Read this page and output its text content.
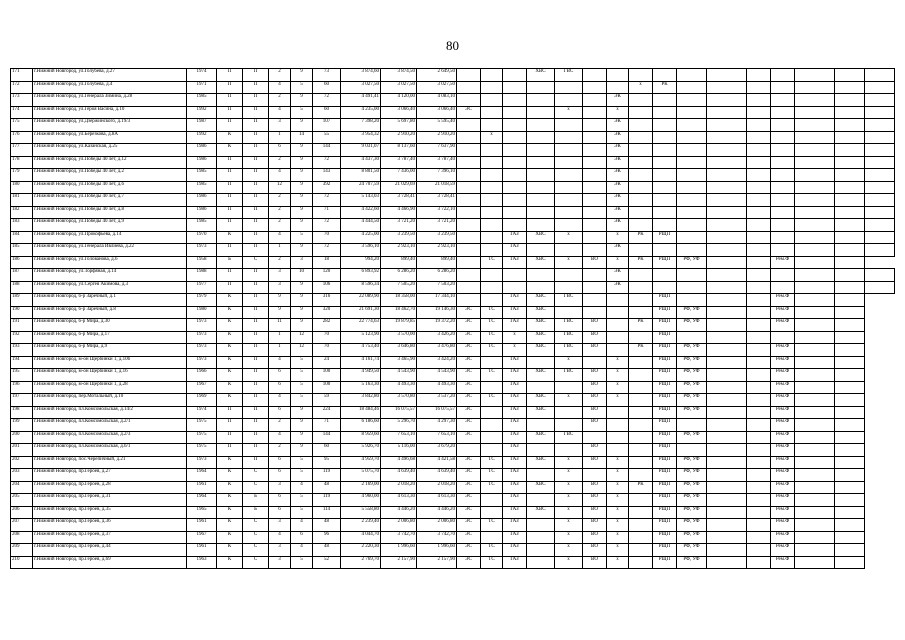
80
171	г.Нижний Новгород, ул.Голубева, д.27	1974	П	П	2	9	73	3 874,60	3 874,50	2 649,50				ХВС	ГВС											
172	г.Нижний Новгород, ул.Голубева, д.4	1971	П	П	4	5	60	3 027,50	3 027,50	3 027,50								х	РК							
173	г.Нижний Новгород, ул.Генерала Зимина, д.28	1985	П	П	2	9	72	4 491,41	4 120,00	4 083,10							ЭК									
174	г.Нижний Новгород, ул.Героя Васина, д.10	1992	П	П	4	5	60	4 235,00	3 066,40	3 066,40	ЭС				х		х									
175	г.Нижний Новгород, ул.Дзержинского, д.19/3	1987	П	П	3	9	107	7 398,20	5 697,80	5 595,40							ЭК									
176	г.Нижний Новгород, ул.Березкова, д.8А	1992	К	П	1	14	55	3 954,32	2 910,20	2 910,20		х					ЭК									
177	г.Нижний Новгород, ул.Казанская, д.25	1986	К	П	6	9	144	9 031,07	8 137,60	7 637,90							ЭК									
178	г.Нижний Новгород, ул.Победы 40 лет, д.12	1986	П	П	2	9	72	4 437,30	3 787,40	3 787,40							ЭК									
179	г.Нижний Новгород, ул.Победы 40 лет, д.2	1985	П	П	4	9	143	8 801,50	7 436,00	7 396,10							ЭК									
180	г.Нижний Новгород, ул.Победы 40 лет, д.6	1985	П	П	12	9	392	24 707,59	21 029,69	21 018,59							ЭК									
181	г.Нижний Новгород, ул.Победы 40 лет, д.7	1986	П	П	2	9	72	5 143,03	3 728,41	3 728,41							ЭК									
182	г.Нижний Новгород, ул.Победы 40 лет, д.8	1986	П	П	2	9	71	4 422,60	4 466,90	3 722,10							ЭК									
183	г.Нижний Новгород, ул.Победы 40 лет, д.9	1985	П	П	2	9	72	4 444,50	3 721,20	3 721,20							ЭК									
184	г.Нижний Новгород, ул.Прокофьева, д.14	1970	К	П	4	5	70	4 225,00	3 239,50	3 239,50			ГАЗ	ХВС	х		х	РК	РЩП							
185	г.Нижний Новгород, ул.Генерала Ивлиева, д.22	1973	П	П	1	9	72	3 596,10	2 923,10	2 923,10			ГАЗ				ЭК									
186	г.Нижний Новгород, ул.Голованова, д.6	1958	Б	С	2	3	18	994,20	899,40	899,40		ТС	ГАЗ	ХВС	х	ВО	х	РК	РЩП	РФ, УФ			Рем.Ф			
187	г.Нижний Новгород, ул.Торфяная, д.14	1988	П	П	3	10	120	6 893,92	6 286,20	6 286,20							ЭК									
188	г.Нижний Новгород, ул.Сергея Акимова, д.3	1977	П	П	3	9	106	8 596,34	7 505,20	7 503,20							ЭК									
189	г.Нижний Новгород, б-р Заречный, д.1	1979	К	П	9	9	316	22 089,90	18 358,00	17 344,10			ГАЗ	ХВС	ГВС				РЩП				Рем.Ф			
190	г.Нижний Новгород, б-р Заречный, д.8	1980	К	П	9	9	320	21 691,30	18 462,70	19 146,30	ЭС	ТС	ГАЗ	ХВС					РЩП	РФ, УФ			Рем.Ф			
191	г.Нижний Новгород, б-р Мира, д.30	1973	К	П	11	9	282	22 774,63	19 879,85	19 372,20	ЭС	ТС	ГАЗ	ХВС	ГВС	ВО		РК	РЩП	РФ, УФ			Рем.Ф			
192	г.Нижний Новгород, б-р Мира, д.17	1973	К	П	1	12	70	5 123,90	3 570,00	3 426,20	ЭС	ТС	х	ХВС	ГВС	ВО			РЩП							
193	г.Нижний Новгород, б-р Мира, д.9	1973	К	П	1	12	70	4 753,40	3 646,80	3 476,80	ЭС	ТС	х	ХВС	ГВС	ВО		РК	РЩП	РФ, УФ			Рем.Ф			
194	г.Нижний Новгород, м-он Щербинки 1, д.10б	1973	К	П	4	5	24	4 161,74	3 465,90	3 424,20	ЭС		ГАЗ		х		х		РЩП	РФ, УФ			Рем.Ф			
195	г.Нижний Новгород, м-он Щербинки 1, д.16	1966	К	П	6	5	100	4 949,50	4 543,90	4 543,90	ЭС	ТС	ГАЗ	ХВС	ГВС	ВО	х		РЩП	РФ, УФ			Рем.Ф			
196	г.Нижний Новгород, м-он Щербинки 1, д.28	1967	К	П	6	5	100	5 163,30	4 493,30	4 493,30	ЭС		ГАЗ			ВО	х		РЩП	РФ, УФ			Рем.Ф			
197	г.Нижний Новгород, пер.Мотальный, д.10	1969	К	П	4	5	59	3 842,80	3 570,80	3 537,20	ЭС	ТС	ГАЗ	ХВС	х	ВО	х		РЩП	РФ, УФ			Рем.Ф			
198	г.Нижний Новгород, пл.Комсомольская, д.14/2	1974	П	П	6	9	224	18 484,46	16 075,57	16 075,57	ЭС		ГАЗ	ХВС		ВО			РЩП	РФ, УФ			Рем.Ф			
199	г.Нижний Новгород, пл.Комсомольская, д.2/1	1975	П	П	2	9	71	6 186,60	5 296,70	4 297,30	ЭС		ГАЗ			ВО			РЩП				Рем.Ф			
200	г.Нижний Новгород, пл.Комсомольская, д.2/3	1975	П	П	4	9	144	8 959,60	7 653,10	7 653,10	ЭС		ГАЗ	ХВС	ГВС				РЩП	РФ, УФ			Рем.Ф			
201	г.Нижний Новгород, пл.Комсомольская, д.6/1	1975	П	П	2	9	60	5 926,70	5 116,00	3 679,20			ГАЗ			ВО			РЩП				Рем.Ф			
202	г.Нижний Новгород, пос.Черепичный, д.21	1973	К	П	6	5	95	4 959,70	4 496,68	4 421,58	ЭС	ТС	ГАЗ	ХВС	х	ВО	х		РЩП	РФ, УФ			Рем.Ф			
203	г.Нижний Новгород, пр.Героев, д.27	1964	К	С	6	5	119	5 075,70	4 639,40	4 639,40	ЭС	ТС	ГАЗ		х		х		РЩП	РФ, УФ			Рем.Ф			
204	г.Нижний Новгород, пр.Героев, д.28	1961	К	С	3	4	48	2 169,00	2 018,20	2 018,20	ЭС	ТС	ГАЗ	ХВС	х	ВО	х	РК	РЩП	РФ, УФ			Рем.Ф			
205	г.Нижний Новгород, пр.Героев, д.31	1964	К	Б	6	5	119	4 960,00	4 613,30	4 613,30	ЭС		ГАЗ		х	ВО	х		РЩП	РФ, УФ			Рем.Ф			
206	г.Нижний Новгород, пр.Героев, д.35	1965	К	Б	6	5	114	5 558,80	4 446,20	4 446,20	ЭС		ГАЗ	ХВС	х	ВО	х		РЩП	РФ, УФ			Рем.Ф			
207	г.Нижний Новгород, пр.Героев, д.36	1961	К	С	3	4	48	2 239,40	2 006,80	2 006,80	ЭС	ТС	ГАЗ		х	ВО	х		РЩП	РФ, УФ			Рем.Ф			
208	г.Нижний Новгород, пр.Героев, д.37	1967	К	С	4	6	96	4 044,70	3 742,70	3 742,70	ЭС		ГАЗ		х	ВО	х		РЩП	РФ, УФ			Рем.Ф			
209	г.Нижний Новгород, пр.Героев, д.44	1961	К	С	3	4	48	2 220,30	1 996,60	1 996,60	ЭС	ТС	ГАЗ		х	ВО	х		РЩП	РФ, УФ			Рем.Ф			
210	г.Нижний Новгород, пр.Героев, д.69	1963	К	С	3	5	52	2 769,70	2 157,90	2 157,90	ЭС	ТС	ГАЗ		х	ВО	х		РЩП	РФ, УФ			Рем.Ф			
